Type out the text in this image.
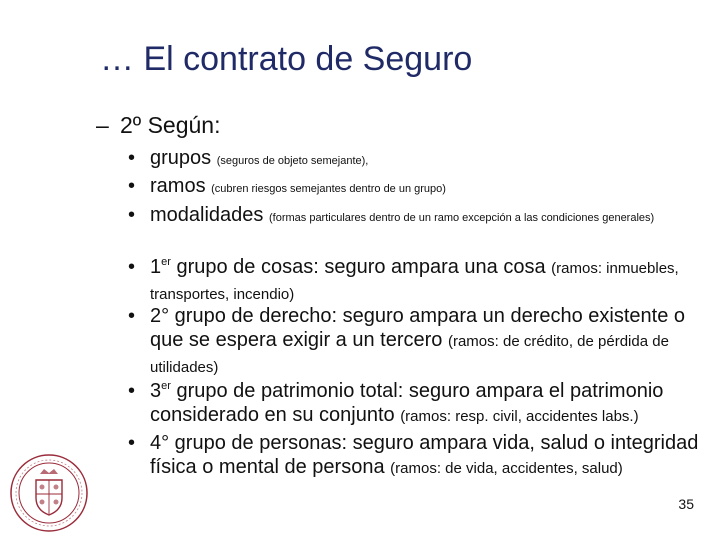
… El contrato de Seguro
– 2º Según:
• grupos (seguros de objeto semejante),
• ramos (cubren riesgos semejantes dentro de un grupo)
• modalidades (formas particulares dentro de un ramo excepción a las condiciones generales)
• 1er grupo de cosas: seguro ampara una cosa (ramos: inmuebles, transportes, incendio)
• 2° grupo de derecho: seguro ampara un derecho existente o que se espera exigir a un tercero (ramos: de crédito, de pérdida de utilidades)
• 3er grupo de patrimonio total: seguro ampara el patrimonio considerado en su conjunto (ramos: resp. civil, accidentes labs.)
• 4° grupo de personas: seguro ampara vida, salud o integridad física o mental de persona (ramos: de vida, accidentes, salud)
35
